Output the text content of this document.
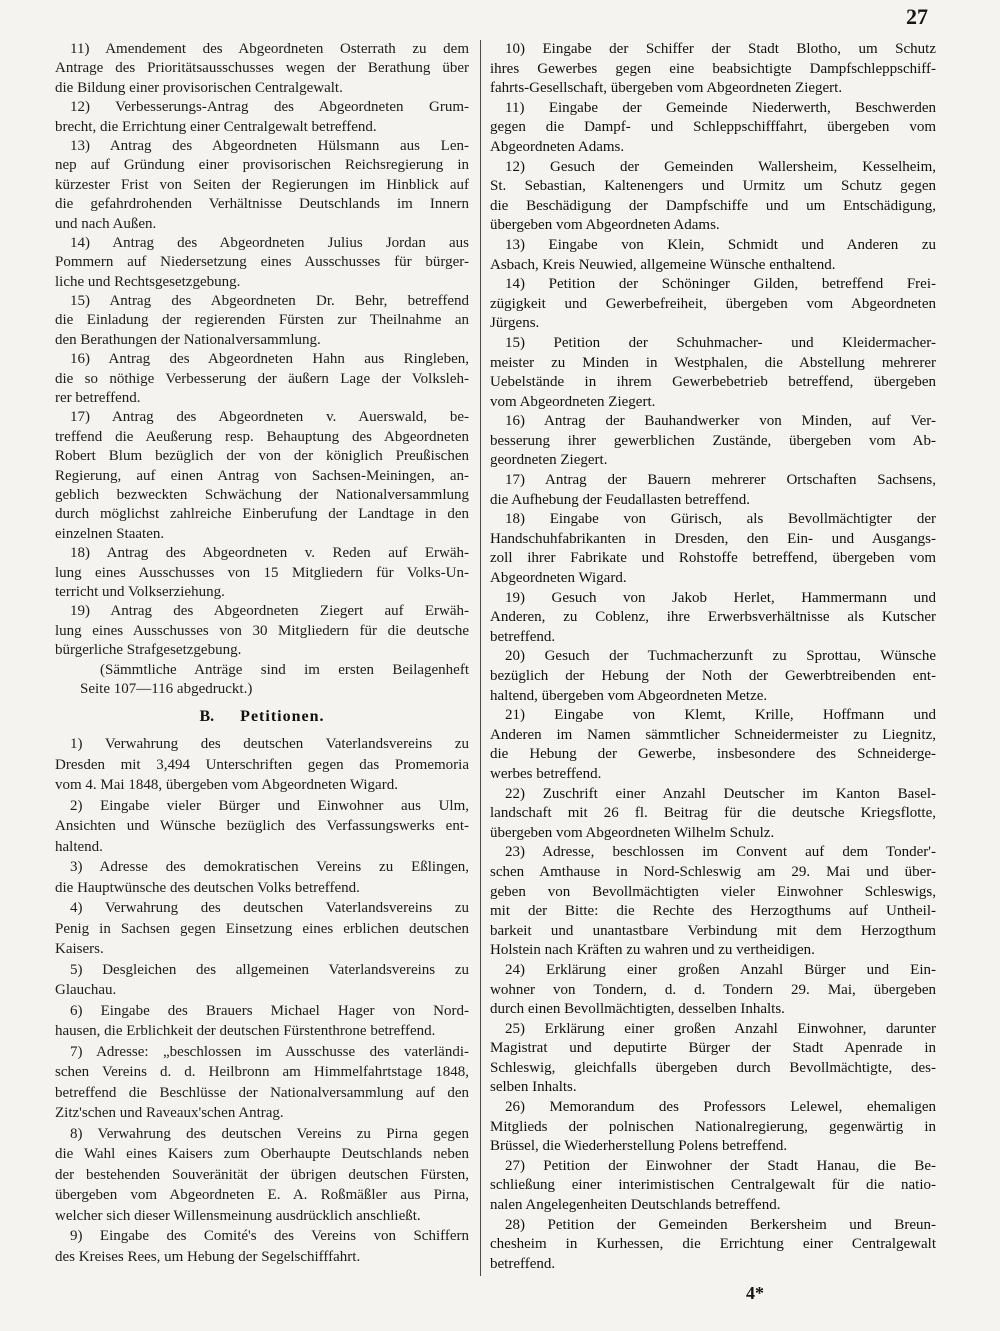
27
11) Amendement des Abgeordneten Osterrath zu dem
Antrage des Prioritätsausschusses wegen der Berathung über
die Bildung einer provisorischen Centralgewalt.
12) Verbesserungs-Antrag des Abgeordneten Grum-
brecht, die Errichtung einer Centralgewalt betreffend.
13) Antrag des Abgeordneten Hülsmann aus Len-
nep auf Gründung einer provisorischen Reichsregierung in
kürzester Frist von Seiten der Regierungen im Hinblick auf
die gefahrdrohenden Verhältnisse Deutschlands im Innern
und nach Außen.
14) Antrag des Abgeordneten Julius Jordan aus
Pommern auf Niedersetzung eines Ausschusses für bürger-
liche und Rechtsgesetzgebung.
15) Antrag des Abgeordneten Dr. Behr, betreffend
die Einladung der regierenden Fürsten zur Theilnahme an
den Berathungen der Nationalversammlung.
16) Antrag des Abgeordneten Hahn aus Ringleben,
die so nöthige Verbesserung der äußern Lage der Volksleh-
rer betreffend.
17) Antrag des Abgeordneten v. Auerswald, be-
treffend die Aeußerung resp. Behauptung des Abgeordneten
Robert Blum bezüglich der von der königlich Preußischen
Regierung, auf einen Antrag von Sachsen-Meiningen, an-
geblich bezweckten Schwächung der Nationalversammlung
durch möglichst zahlreiche Einberufung der Landtage in den
einzelnen Staaten.
18) Antrag des Abgeordneten v. Reden auf Erwäh-
lung eines Ausschusses von 15 Mitgliedern für Volks-Un-
terricht und Volkserziehung.
19) Antrag des Abgeordneten Ziegert auf Erwäh-
lung eines Ausschusses von 30 Mitgliedern für die deutsche
bürgerliche Strafgesetzgebung.
(Sämmtliche Anträge sind im ersten Beilagenheft
Seite 107—116 abgedruckt.)
B. Petitionen.
1) Verwahrung des deutschen Vaterlandsvereins zu
Dresden mit 3,494 Unterschriften gegen das Promemoria
vom 4. Mai 1848, übergeben vom Abgeordneten Wigard.
2) Eingabe vieler Bürger und Einwohner aus Ulm,
Ansichten und Wünsche bezüglich des Verfassungswerks ent-
haltend.
3) Adresse des demokratischen Vereins zu Eßlingen,
die Hauptwünsche des deutschen Volks betreffend.
4) Verwahrung des deutschen Vaterlandsvereins zu
Penig in Sachsen gegen Einsetzung eines erblichen deutschen
Kaisers.
5) Desgleichen des allgemeinen Vaterlandsvereins zu
Glauchau.
6) Eingabe des Brauers Michael Hager von Nord-
hausen, die Erblichkeit der deutschen Fürstenthrone betreffend.
7) Adresse: „beschlossen im Ausschusse des vaterländi-
schen Vereins d. d. Heilbronn am Himmelfahrtstage 1848,
betreffend die Beschlüsse der Nationalversammlung auf den
Zitz'schen und Raveaux'schen Antrag.
8) Verwahrung des deutschen Vereins zu Pirna gegen
die Wahl eines Kaisers zum Oberhaupte Deutschlands neben
der bestehenden Souveränität der übrigen deutschen Fürsten,
übergeben vom Abgeordneten E. A. Roßmäßler aus Pirna,
welcher sich dieser Willensmeinung ausdrücklich anschließt.
9) Eingabe des Comité's des Vereins von Schiffern
des Kreises Rees, um Hebung der Segelschifffahrt.
10) Eingabe der Schiffer der Stadt Blotho, um Schutz
ihres Gewerbes gegen eine beabsichtigte Dampfschleppschiff-
fahrts-Gesellschaft, übergeben vom Abgeordneten Ziegert.
11) Eingabe der Gemeinde Niederwerth, Beschwerden
gegen die Dampf- und Schleppschifffahrt, übergeben vom
Abgeordneten Adams.
12) Gesuch der Gemeinden Wallersheim, Kesselheim,
St. Sebastian, Kaltenengers und Urmitz um Schutz gegen
die Beschädigung der Dampfschiffe und um Entschädigung,
übergeben vom Abgeordneten Adams.
13) Eingabe von Klein, Schmidt und Anderen zu
Asbach, Kreis Neuwied, allgemeine Wünsche enthaltend.
14) Petition der Schöninger Gilden, betreffend Frei-
zügigkeit und Gewerbefreiheit, übergeben vom Abgeordneten
Jürgens.
15) Petition der Schuhmacher- und Kleidermacher-
meister zu Minden in Westphalen, die Abstellung mehrerer
Uebelstände in ihrem Gewerbebetrieb betreffend, übergeben
vom Abgeordneten Ziegert.
16) Antrag der Bauhandwerker von Minden, auf Ver-
besserung ihrer gewerblichen Zustände, übergeben vom Ab-
geordneten Ziegert.
17) Antrag der Bauern mehrerer Ortschaften Sachsens,
die Aufhebung der Feudallasten betreffend.
18) Eingabe von Gürisch, als Bevollmächtigter der
Handschuhfabrikanten in Dresden, den Ein- und Ausgangs-
zoll ihrer Fabrikate und Rohstoffe betreffend, übergeben vom
Abgeordneten Wigard.
19) Gesuch von Jakob Herlet, Hammermann und
Anderen, zu Coblenz, ihre Erwerbsverhältnisse als Kutscher
betreffend.
20) Gesuch der Tuchmacherzunft zu Sprottau, Wünsche
bezüglich der Hebung der Noth der Gewerbtreibenden ent-
haltend, übergeben vom Abgeordneten Metze.
21) Eingabe von Klemt, Krille, Hoffmann und
Anderen im Namen sämmtlicher Schneidermeister zu Liegnitz,
die Hebung der Gewerbe, insbesondere des Schneiderge-
werbes betreffend.
22) Zuschrift einer Anzahl Deutscher im Kanton Basel-
landschaft mit 26 fl. Beitrag für die deutsche Kriegsflotte,
übergeben vom Abgeordneten Wilhelm Schulz.
23) Adresse, beschlossen im Convent auf dem Tonder'-
schen Amthause in Nord-Schleswig am 29. Mai und über-
geben von Bevollmächtigten vieler Einwohner Schleswigs,
mit der Bitte: die Rechte des Herzogthums auf Untheil-
barkeit und unantastbare Verbindung mit dem Herzogthum
Holstein nach Kräften zu wahren und zu vertheidigen.
24) Erklärung einer großen Anzahl Bürger und Ein-
wohner von Tondern, d. d. Tondern 29. Mai, übergeben
durch einen Bevollmächtigten, desselben Inhalts.
25) Erklärung einer großen Anzahl Einwohner, darunter
Magistrat und deputirte Bürger der Stadt Apenrade in
Schleswig, gleichfalls übergeben durch Bevollmächtigte, des-
selben Inhalts.
26) Memorandum des Professors Lelewel, ehemaligen
Mitglieds der polnischen Nationalregierung, gegenwärtig in
Brüssel, die Wiederherstellung Polens betreffend.
27) Petition der Einwohner der Stadt Hanau, die Be-
schließung einer interimistischen Centralgewalt für die natio-
nalen Angelegenheiten Deutschlands betreffend.
28) Petition der Gemeinden Berkersheim und Breun-
chesheim in Kurhessen, die Errichtung einer Centralgewalt
betreffend.
4*
